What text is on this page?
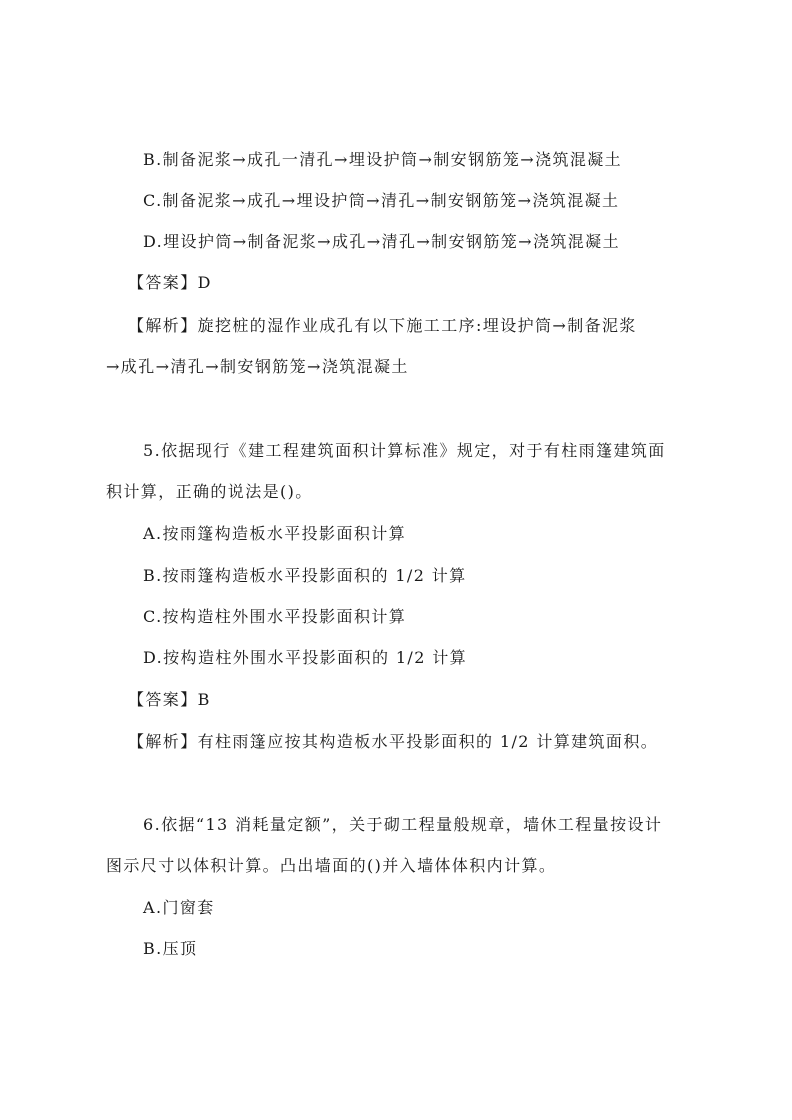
B.制备泥浆→成孔一清孔→埋设护筒→制安钢筋笼→浇筑混凝土
C.制备泥浆→成孔→埋设护筒→清孔→制安钢筋笼→浇筑混凝土
D.埋设护筒→制备泥浆→成孔→清孔→制安钢筋笼→浇筑混凝土
【答案】D
【解析】旋挖桩的湿作业成孔有以下施工工序:埋设护筒→制备泥浆
→成孔→清孔→制安钢筋笼→浇筑混凝土
5.依据现行《建工程建筑面积计算标准》规定，对于有柱雨篷建筑面
积计算，正确的说法是()。
A.按雨篷构造板水平投影面积计算
B.按雨篷构造板水平投影面积的 1/2 计算
C.按构造柱外围水平投影面积计算
D.按构造柱外围水平投影面积的 1/2 计算
【答案】B
【解析】有柱雨篷应按其构造板水平投影面积的 1/2 计算建筑面积。
6.依据“13 消耗量定额”，关于砌工程量般规章，墙休工程量按设计
图示尺寸以体积计算。凸出墙面的()并入墙体体积内计算。
A.门窗套
B.压顶
